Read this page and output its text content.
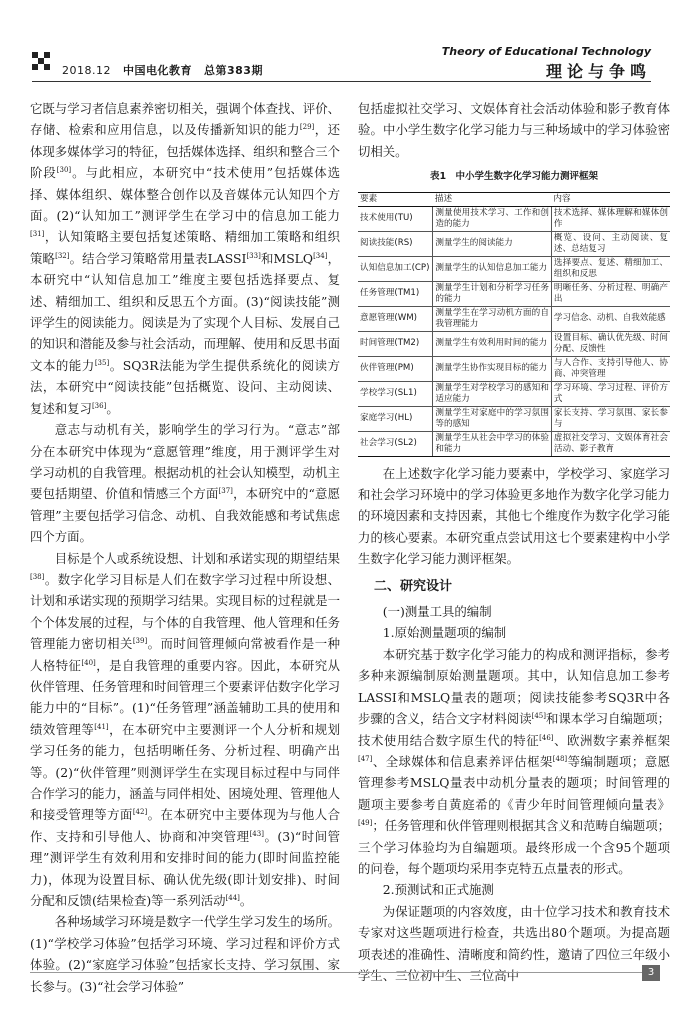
2018.12 中国电化教育 总第383期
Theory of Educational Technology
理论与争鸣

它既与学习者信息素养密切相关，强调个体查找、评价、存储、检索和应用信息，以及传播新知识的能力[29]，还体现多媒体学习的特征，包括媒体选择、组织和整合三个阶段[30]。与此相应，本研究中“技术使用”包括媒体选择、媒体组织、媒体整合创作以及音媒体元认知四个方面。(2)“认知加工”测评学生在学习中的信息加工能力[31]，认知策略主要包括复述策略、精细加工策略和组织策略[32]。结合学习策略常用量表LASSI[33]和MSLQ[34]，本研究中“认知信息加工”维度主要包括选择要点、复述、精细加工、组织和反思五个方面。(3)“阅读技能”测评学生的阅读能力。阅读是为了实现个人目标、发展自己的知识和潜能及参与社会活动，而理解、使用和反思书面文本的能力[35]。SQ3R法能为学生提供系统化的阅读方法，本研究中“阅读技能”包括概览、设问、主动阅读、复述和复习[36]。

意志与动机有关，影响学生的学习行为。“意志”部分在本研究中体现为“意愿管理”维度，用于测评学生对学习动机的自我管理。根据动机的社会认知模型，动机主要包括期望、价值和情感三个方面[37]，本研究中的“意愿管理”主要包括学习信念、动机、自我效能感和考试焦虑四个方面。

目标是个人或系统设想、计划和承诺实现的期望结果[38]。数字化学习目标是人们在数字学习过程中所设想、计划和承诺实现的预期学习结果。实现目标的过程就是一个个体发展的过程，与个体的自我管理、他人管理和任务管理能力密切相关[39]。而时间管理倾向常被看作是一种人格特征[40]，是自我管理的重要内容。因此，本研究从伙伴管理、任务管理和时间管理三个要素评估数字化学习能力中的“目标”。(1)“任务管理”涵盖辅助工具的使用和绩效管理等[41]，在本研究中主要测评一个人分析和规划学习任务的能力，包括明晰任务、分析过程、明确产出等。(2)“伙伴管理”则测评学生在实现目标过程中与同伴合作学习的能力，涵盖与同伴相处、困境处理、管理他人和接受管理等方面[42]。在本研究中主要体现为与他人合作、支持和引导他人、协商和冲突管理[43]。(3)“时间管理”测评学生有效利用和安排时间的能力(即时间监控能力)，体现为设置目标、确认优先级(即计划安排)、时间分配和反馈(结果检查)等一系列活动[44]。

各种场域学习环境是数字一代学生学习发生的场所。(1)“学校学习体验”包括学习环境、学习过程和评价方式体验。(2)“家庭学习体验”包括家长支持、学习氛围、家长参与。(3)“社会学习体验”

包括虚拟社交学习、文娱体育社会活动体验和影子教育体验。中小学生数字化学习能力与三种场域中的学习体验密切相关。

表1　中小学生数字化学习能力测评框架
要素	描述	内容
技术使用(TU)	测量使用技术学习、工作和创造的能力	技术选择、媒体理解和媒体创作
阅读技能(RS)	测量学生的阅读能力	概览、设问、主动阅读、复述、总结复习
认知信息加工(CP)	测量学生的认知信息加工能力	选择要点、复述、精细加工、组织和反思
任务管理(TM1)	测量学生计划和分析学习任务的能力	明晰任务、分析过程、明确产出
意愿管理(WM)	测量学生在学习动机方面的自我管理能力	学习信念、动机、自我效能感
时间管理(TM2)	测量学生有效利用时间的能力	设置目标、确认优先级、时间分配、反馈性
伙伴管理(PM)	测量学生协作实现目标的能力	与人合作、支持引导他人、协商、冲突管理
学校学习(SL1)	测量学生对学校学习的感知和适应能力	学习环境、学习过程、评价方式
家庭学习(HL)	测量学生对家庭中的学习氛围等的感知	家长支持、学习氛围、家长参与
社会学习(SL2)	测量学生从社会中学习的体验和能力	虚拟社交学习、文娱体育社会活动、影子教育

在上述数字化学习能力要素中，学校学习、家庭学习和社会学习环境中的学习体验更多地作为数字化学习能力的环境因素和支持因素，其他七个维度作为数字化学习能力的核心要素。本研究重点尝试用这七个要素建构中小学生数字化学习能力测评框架。

二、研究设计

(一)测量工具的编制

1.原始测量题项的编制

本研究基于数字化学习能力的构成和测评指标，参考多种来源编制原始测量题项。其中，认知信息加工参考LASSI和MSLQ量表的题项；阅读技能参考SQ3R中各步骤的含义，结合文字材料阅读[45]和课本学习自编题项；技术使用结合数字原生代的特征[46]、欧洲数字素养框架[47]、全球媒体和信息素养评估框架[48]等编制题项；意愿管理参考MSLQ量表中动机分量表的题项；时间管理的题项主要参考自黄庭希的《青少年时间管理倾向量表》[49]；任务管理和伙伴管理则根据其含义和范畴自编题项；三个学习体验均为自编题项。最终形成一个含95个题项的问卷，每个题项均采用李克特五点量表的形式。

2.预测试和正式施测

为保证题项的内容效度，由十位学习技术和教育技术专家对这些题项进行检查，共选出80个题项。为提高题项表述的准确性、清晰度和简约性，邀请了四位三年级小学生、三位初中生、三位高中	3
